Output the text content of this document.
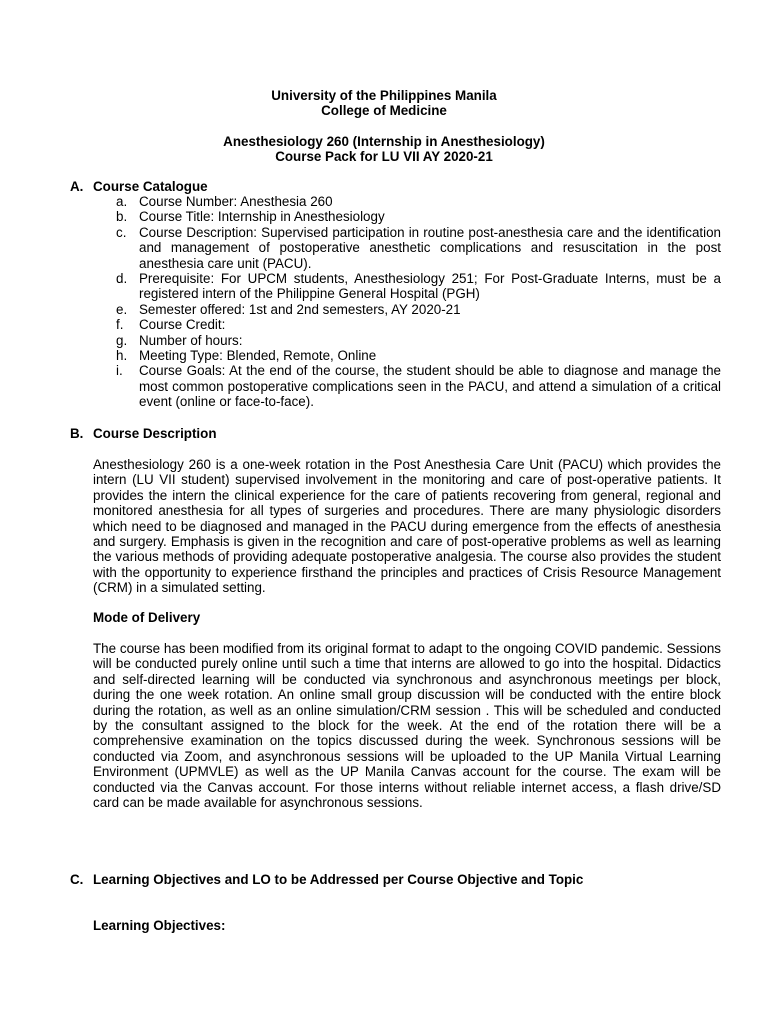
University of the Philippines Manila

College of Medicine

Anesthesiology 260 (Internship in Anesthesiology)

Course Pack for LU VII AY 2020-21

A. Course Catalogue

a. Course Number: Anesthesia 260
b. Course Title: Internship in Anesthesiology
c. Course Description: Supervised participation in routine post-anesthesia care and the identification and management of postoperative anesthetic complications and resuscitation in the post anesthesia care unit (PACU).
d. Prerequisite: For UPCM students, Anesthesiology 251; For Post-Graduate Interns, must be a registered intern of the Philippine General Hospital (PGH)
e. Semester offered: 1st and 2nd semesters, AY 2020-21
f. Course Credit:
g. Number of hours:
h. Meeting Type: Blended, Remote, Online
i. Course Goals: At the end of the course, the student should be able to diagnose and manage the most common postoperative complications seen in the PACU, and attend a simulation of a critical event (online or face-to-face).

B. Course Description

Anesthesiology 260 is a one-week rotation in the Post Anesthesia Care Unit (PACU) which provides the intern (LU VII student) supervised involvement in the monitoring and care of post-operative patients. It provides the intern the clinical experience for the care of patients recovering from general, regional and monitored anesthesia for all types of surgeries and procedures. There are many physiologic disorders which need to be diagnosed and managed in the PACU during emergence from the effects of anesthesia and surgery. Emphasis is given in the recognition and care of post-operative problems as well as learning the various methods of providing adequate postoperative analgesia. The course also provides the student with the opportunity to experience firsthand the principles and practices of Crisis Resource Management (CRM) in a simulated setting.

Mode of Delivery

The course has been modified from its original format to adapt to the ongoing COVID pandemic. Sessions will be conducted purely online until such a time that interns are allowed to go into the hospital. Didactics and self-directed learning will be conducted via synchronous and asynchronous meetings per block, during the one week rotation. An online small group discussion will be conducted with the entire block during the rotation, as well as an online simulation/CRM session . This will be scheduled and conducted by the consultant assigned to the block for the week. At the end of the rotation there will be a comprehensive examination on the topics discussed during the week. Synchronous sessions will be conducted via Zoom, and asynchronous sessions will be uploaded to the UP Manila Virtual Learning Environment (UPMVLE) as well as the UP Manila Canvas account for the course. The exam will be conducted via the Canvas account. For those interns without reliable internet access, a flash drive/SD card can be made available for asynchronous sessions.

C. Learning Objectives and LO to be Addressed per Course Objective and Topic

Learning Objectives:
